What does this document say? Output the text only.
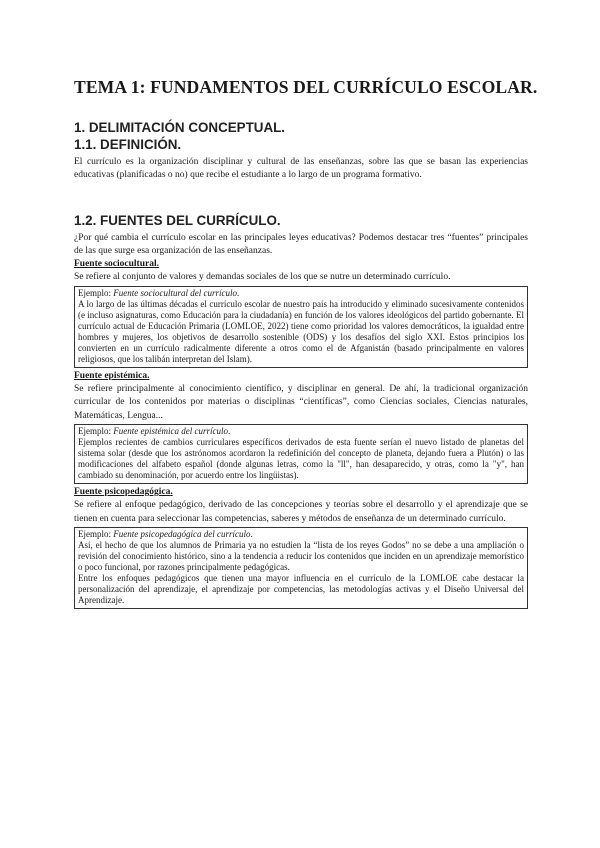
TEMA 1: FUNDAMENTOS DEL CURRÍCULO ESCOLAR.
1. DELIMITACIÓN CONCEPTUAL.
1.1. DEFINICIÓN.

El currículo es la organización disciplinar y cultural de las enseñanzas, sobre las que se basan las experiencias educativas (planificadas o no) que recibe el estudiante a lo largo de un programa formativo.

1.2. FUENTES DEL CURRÍCULO.

¿Por qué cambia el currículo escolar en las principales leyes educativas? Podemos destacar tres “fuentes” principales de las que surge esa organización de las enseñanzas.

Fuente sociocultural.

Se refiere al conjunto de valores y demandas sociales de los que se nutre un determinado currículo.

Ejemplo: Fuente sociocultural del currículo.

A lo largo de las últimas décadas el currículo escolar de nuestro país ha introducido y eliminado sucesivamente contenidos (e incluso asignaturas, como Educación para la ciudadanía) en función de los valores ideológicos del partido gobernante. El currículo actual de Educación Primaria (LOMLOE, 2022) tiene como prioridad los valores democráticos, la igualdad entre hombres y mujeres, los objetivos de desarrollo sostenible (ODS) y los desafíos del siglo XXI. Estos principios los convierten en un currículo radicalmente diferente a otros como el de Afganistán (basado principalmente en valores religiosos, que los talibán interpretan del Islam).

Fuente epistémica.

Se refiere principalmente al conocimiento científico, y disciplinar en general. De ahí, la tradicional organización curricular de los contenidos por materias o disciplinas “científicas”, como Ciencias sociales, Ciencias naturales, Matemáticas, Lengua...

Ejemplo: Fuente epistémica del currículo.

Ejemplos recientes de cambios curriculares específicos derivados de esta fuente serían el nuevo listado de planetas del sistema solar (desde que los astrónomos acordaron la redefinición del concepto de planeta, dejando fuera a Plutón) o las modificaciones del alfabeto español (donde algunas letras, como la "ll", han desaparecido, y otras, como la "y", han cambiado su denominación, por acuerdo entre los lingüistas).

Fuente psicopedagógica.

Se refiere al enfoque pedagógico, derivado de las concepciones y teorías sobre el desarrollo y el aprendizaje que se tienen en cuenta para seleccionar las competencias, saberes y métodos de enseñanza de un determinado currículo.

Ejemplo: Fuente psicopedagógica del currículo.

Así, el hecho de que los alumnos de Primaria ya no estudien la “lista de los reyes Godos” no se debe a una ampliación o revisión del conocimiento histórico, sino a la tendencia a reducir los contenidos que inciden en un aprendizaje memorístico o poco funcional, por razones principalmente pedagógicas.

Entre los enfoques pedagógicos que tienen una mayor influencia en el currículo de la LOMLOE cabe destacar la personalización del aprendizaje, el aprendizaje por competencias, las metodologías activas y el Diseño Universal del Aprendizaje.
